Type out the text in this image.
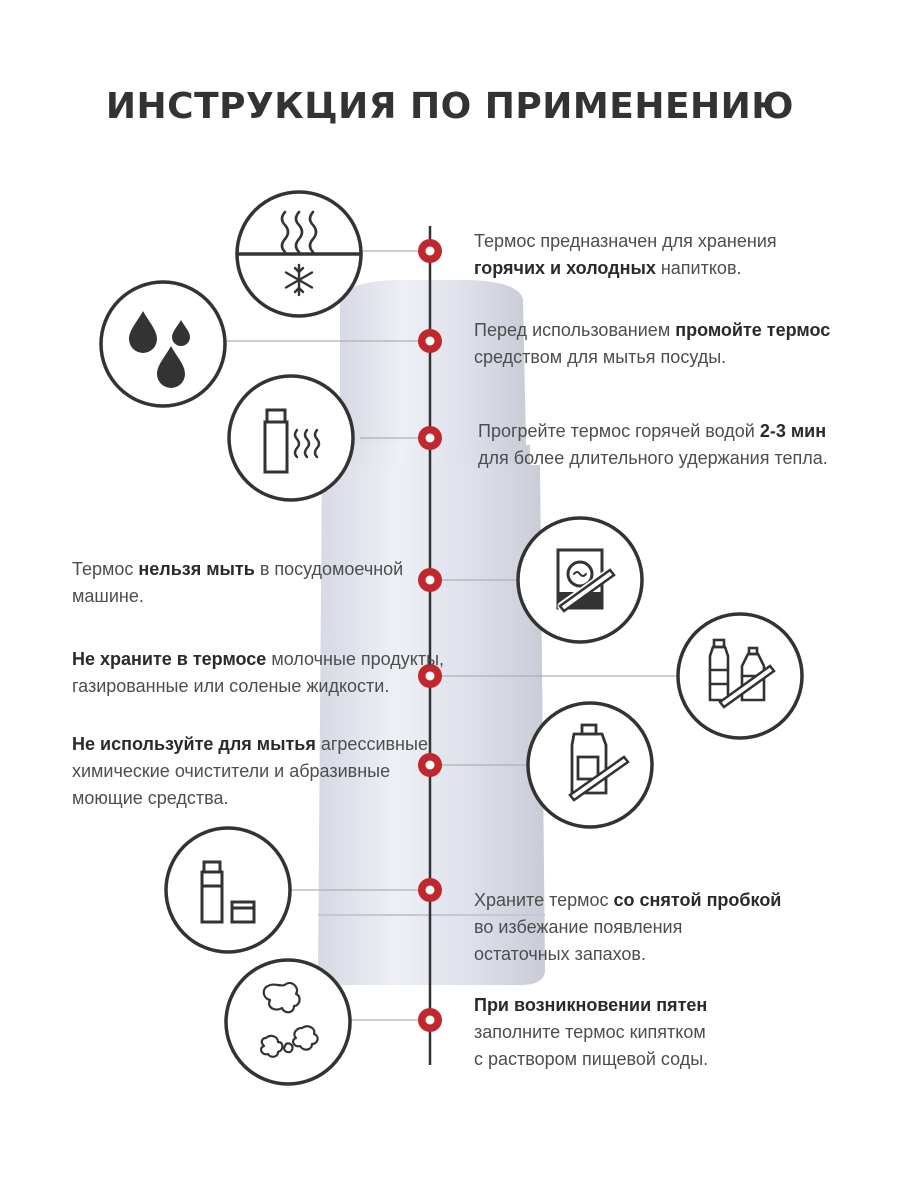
ИНСТРУКЦИЯ ПО ПРИМЕНЕНИЮ
Термос предназначен для хранения
горячих и холодных напитков.
Перед использованием промойте термос
средством для мытья посуды.
Прогрейте термос горячей водой 2-3 мин
для более длительного удержания тепла.
Термос нельзя мыть в посудомоечной
машине.
Не храните в термосе молочные продукты,
газированные или соленые жидкости.
Не используйте для мытья агрессивные
химические очистители и абразивные
моющие средства.
Храните термос со снятой пробкой
во избежание появления
остаточных запахов.
При возникновении пятен
заполните термос кипятком
с раствором пищевой соды.
